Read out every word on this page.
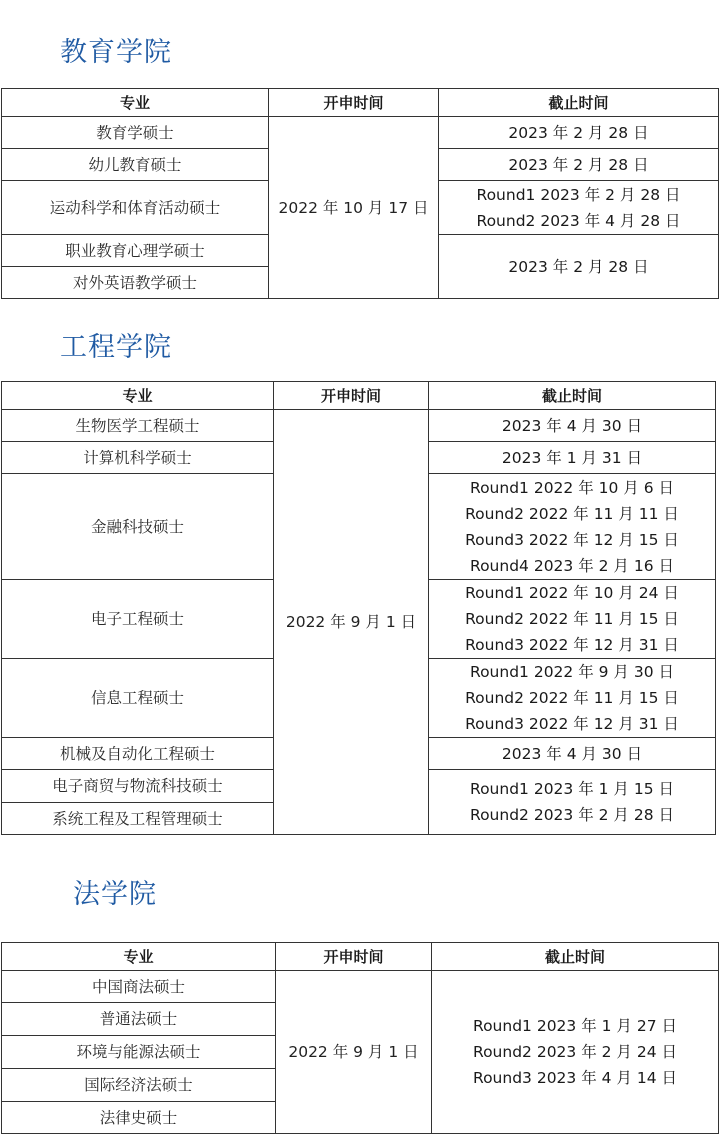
教育学院
专业	开申时间	截止时间
教育学硕士	2022 年 10 月 17 日	2023 年 2 月 28 日

幼儿教育硕士		2023 年 2 月 28 日

运动科学和体育活动硕士		Round1 2023 年 2 月 28 日
Round2 2023 年 4 月 28 日

职业教育心理学硕士		2023 年 2 月 28 日

对外英语教学硕士		
工程学院
专业	开申时间	截止时间
生物医学工程硕士	2022 年 9 月 1 日	2023 年 4 月 30 日

计算机科学硕士		2023 年 1 月 31 日

金融科技硕士		Round1 2022 年 10 月 6 日
Round2 2022 年 11 月 11 日
Round3 2022 年 12 月 15 日
Round4 2023 年 2 月 16 日

电子工程硕士		Round1 2022 年 10 月 24 日
Round2 2022 年 11 月 15 日
Round3 2022 年 12 月 31 日

信息工程硕士		Round1 2022 年 9 月 30 日
Round2 2022 年 11 月 15 日
Round3 2022 年 12 月 31 日

机械及自动化工程硕士		2023 年 4 月 30 日

电子商贸与物流科技硕士		Round1 2023 年 1 月 15 日
Round2 2023 年 2 月 28 日

系统工程及工程管理硕士		
法学院
专业	开申时间	截止时间
中国商法硕士	2022 年 9 月 1 日	Round1 2023 年 1 月 27 日
Round2 2023 年 2 月 24 日
Round3 2023 年 4 月 14 日

普通法硕士		
环境与能源法硕士		
国际经济法硕士		
法律史硕士		
